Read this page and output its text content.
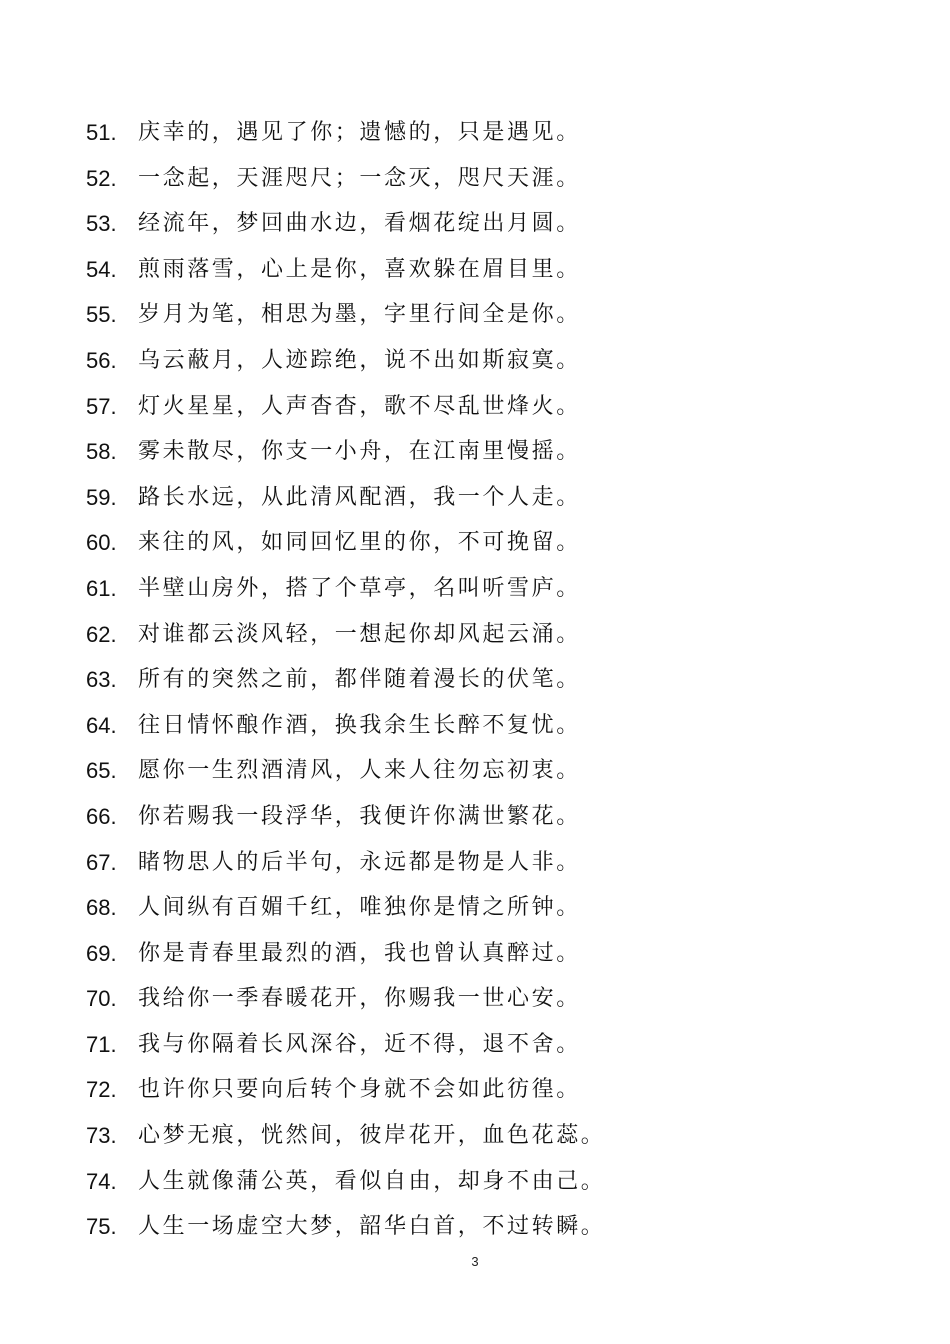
51. 庆幸的，遇见了你；遗憾的，只是遇见。
52. 一念起，天涯咫尺；一念灭，咫尺天涯。
53. 经流年，梦回曲水边，看烟花绽出月圆。
54. 煎雨落雪，心上是你，喜欢躲在眉目里。
55. 岁月为笔，相思为墨，字里行间全是你。
56. 乌云蔽月，人迹踪绝，说不出如斯寂寞。
57. 灯火星星，人声杳杳，歌不尽乱世烽火。
58. 雾未散尽，你支一小舟，在江南里慢摇。
59. 路长水远，从此清风配酒，我一个人走。
60. 来往的风，如同回忆里的你，不可挽留。
61. 半壁山房外，搭了个草亭，名叫听雪庐。
62. 对谁都云淡风轻，一想起你却风起云涌。
63. 所有的突然之前，都伴随着漫长的伏笔。
64. 往日情怀酿作酒，换我余生长醉不复忧。
65. 愿你一生烈酒清风，人来人往勿忘初衷。
66. 你若赐我一段浮华，我便许你满世繁花。
67. 睹物思人的后半句，永远都是物是人非。
68. 人间纵有百媚千红，唯独你是情之所钟。
69. 你是青春里最烈的酒，我也曾认真醉过。
70. 我给你一季春暖花开，你赐我一世心安。
71. 我与你隔着长风深谷，近不得，退不舍。
72. 也许你只要向后转个身就不会如此彷徨。
73. 心梦无痕，恍然间，彼岸花开，血色花蕊。
74. 人生就像蒲公英，看似自由，却身不由己。
75. 人生一场虚空大梦，韶华白首，不过转瞬。
3
